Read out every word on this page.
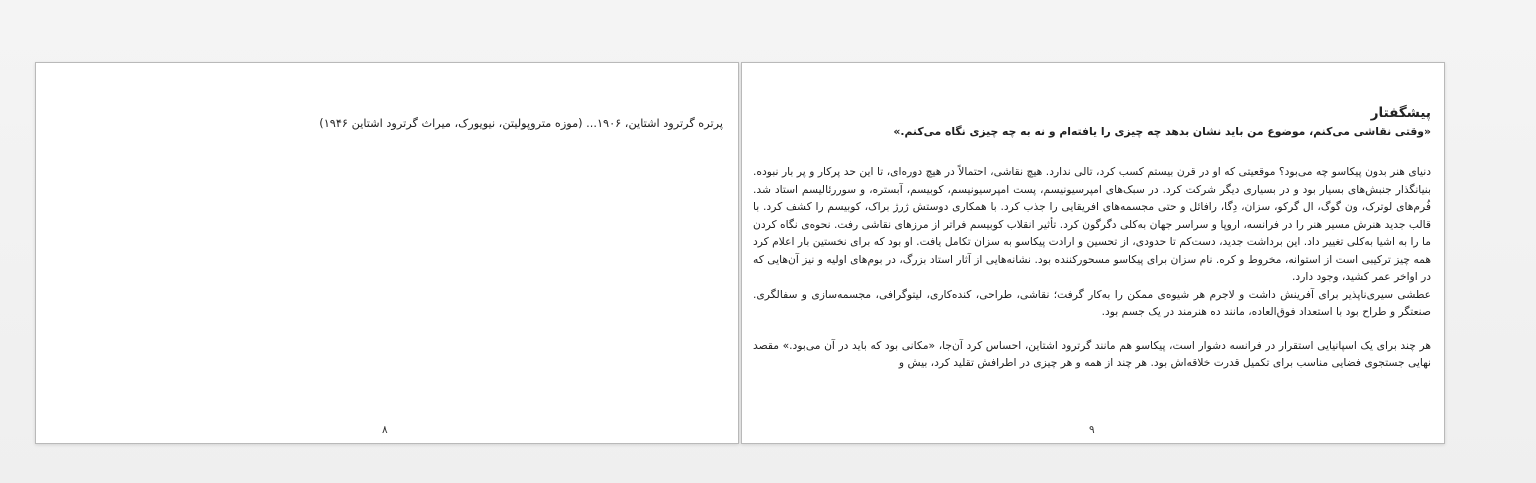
پرتره گرترود اشتاین، ۱۹۰۶... (موزه متروپولیتن، نیویورک، میراث گرترود اشتاین ۱۹۴۶)
۸
پیشگفتار

«وقتی نقاشی می‌کنم، موضوع من باید نشان بدهد چه چیزی را یافته‌ام و نه به چه چیزی نگاه می‌کنم.»

دنیای هنر بدون پیکاسو چه می‌بود؟ موقعیتی که او در قرن بیستم کسب کرد، تالی ندارد. هیچ نقاشی، احتمالاً در هیچ دوره‌ای، تا این حد پرکار و پر بار نبوده. بنیانگذار جنبش‌های بسیار بود و در بسیاری دیگر شرکت کرد. در سبک‌های امپرسیونیسم، پست امپرسیونیسم، کوبیسم، آبستره، و سوررئالیسم استاد شد. فُرم‌های لوترک، ون گوگ، ال گرکو، سزان، دِگا، رافائل و حتی مجسمه‌های افریقایی را جذب کرد. با همکاری دوستش ژرژ براک، کوبیسم را کشف کرد. با قالب جدید هنرش مسیر هنر را در فرانسه، اروپا و سراسر جهان به‌کلی دگرگون کرد. تأثیر انقلاب کوبیسم فراتر از مرزهای نقاشی رفت. نحوه‌ی نگاه کردن ما را به اشیا به‌کلی تغییر داد. این برداشت جدید، دست‌کم تا حدودی، از تحسین و ارادت پیکاسو به سزان تکامل یافت. او بود که برای نخستین بار اعلام کرد همه چیز ترکیبی است از استوانه، مخروط و کره. نام سزان برای پیکاسو مسحورکننده بود. نشانه‌هایی از آثار استاد بزرگ، در بوم‌های اولیه و نیز آن‌هایی که در اواخر عمر کشید، وجود دارد.

عطشی سیری‌ناپذیر برای آفرینش داشت و لاجرم هر شیوه‌ی ممکن را به‌کار گرفت؛ نقاشی، طراحی، کنده‌کاری، لیتوگرافی، مجسمه‌سازی و سفالگری. صنعتگر و طراح بود با استعداد فوق‌العاده، مانند ده هنرمند در یک جسم بود.

هر چند برای یک اسپانیایی استقرار در فرانسه دشوار است، پیکاسو هم مانند گرترود اشتاین، احساس کرد آن‌جا، «مکانی بود که باید در آن می‌بود.» مقصد نهایی جستجوی فضایی مناسب برای تکمیل قدرت خلاقه‌اش بود. هر چند از همه و هر چیزی در اطرافش تقلید کرد، بیش و

۹
